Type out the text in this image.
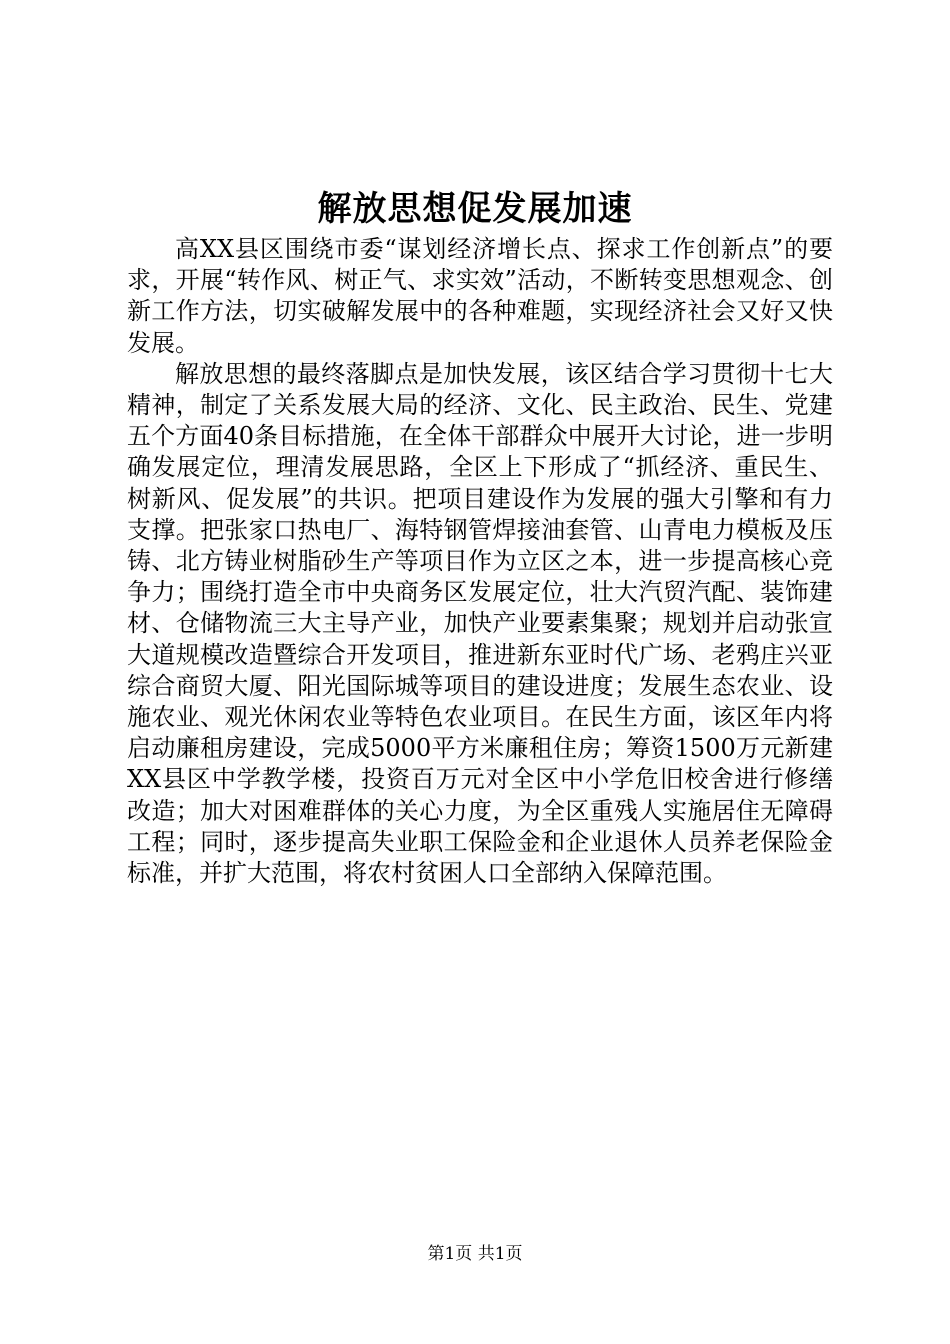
解放思想促发展加速

高XX县区围绕市委“谋划经济增长点、探求工作创新点”的要求，开展“转作风、树正气、求实效”活动，不断转变思想观念、创新工作方法，切实破解发展中的各种难题，实现经济社会又好又快发展。

解放思想的最终落脚点是加快发展，该区结合学习贯彻十七大精神，制定了关系发展大局的经济、文化、民主政治、民生、党建五个方面40条目标措施，在全体干部群众中展开大讨论，进一步明确发展定位，理清发展思路，全区上下形成了“抓经济、重民生、树新风、促发展”的共识。把项目建设作为发展的强大引擎和有力支撑。把张家口热电厂、海特钢管焊接油套管、山青电力模板及压铸、北方铸业树脂砂生产等项目作为立区之本，进一步提高核心竞争力；围绕打造全市中央商务区发展定位，壮大汽贸汽配、装饰建材、仓储物流三大主导产业，加快产业要素集聚；规划并启动张宣大道规模改造暨综合开发项目，推进新东亚时代广场、老鸦庄兴亚综合商贸大厦、阳光国际城等项目的建设进度；发展生态农业、设施农业、观光休闲农业等特色农业项目。在民生方面，该区年内将启动廉租房建设，完成5000平方米廉租住房；筹资1500万元新建XX县区中学教学楼，投资百万元对全区中小学危旧校舍进行修缮改造；加大对困难群体的关心力度，为全区重残人实施居住无障碍工程；同时，逐步提高失业职工保险金和企业退休人员养老保险金标准，并扩大范围，将农村贫困人口全部纳入保障范围。

第1页 共1页
